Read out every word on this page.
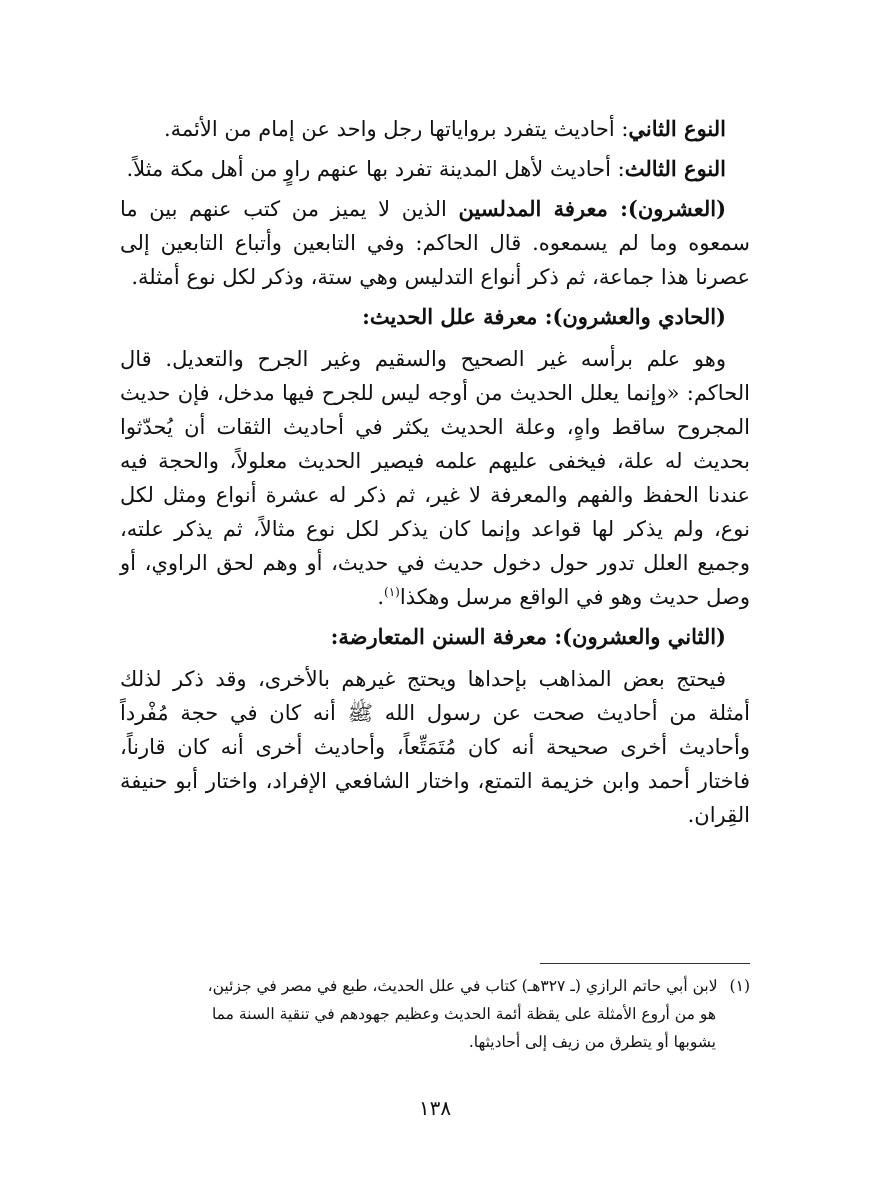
النوع الثاني: أحاديث يتفرد برواياتها رجل واحد عن إمام من الأئمة.

النوع الثالث: أحاديث لأهل المدينة تفرد بها عنهم راوٍ من أهل مكة مثلاً.

(العشرون): معرفة المدلسين الذين لا يميز من كتب عنهم بين ما سمعوه وما لم يسمعوه. قال الحاكم: وفي التابعين وأتباع التابعين إلى عصرنا هذا جماعة، ثم ذكر أنواع التدليس وهي ستة، وذكر لكل نوع أمثلة.

(الحادي والعشرون): معرفة علل الحديث:

وهو علم برأسه غير الصحيح والسقيم وغير الجرح والتعديل. قال الحاكم: «وإنما يعلل الحديث من أوجه ليس للجرح فيها مدخل، فإن حديث المجروح ساقط واهٍ، وعلة الحديث يكثر في أحاديث الثقات أن يُحدّثوا بحديث له علة، فيخفى عليهم علمه فيصير الحديث معلولاً، والحجة فيه عندنا الحفظ والفهم والمعرفة لا غير، ثم ذكر له عشرة أنواع ومثل لكل نوع، ولم يذكر لها قواعد وإنما كان يذكر لكل نوع مثالاً، ثم يذكر علته، وجميع العلل تدور حول دخول حديث في حديث، أو وهم لحق الراوي، أو وصل حديث وهو في الواقع مرسل وهكذا$^{(١)}$.

(الثاني والعشرون): معرفة السنن المتعارضة:

فيحتج بعض المذاهب بإحداها ويحتج غيرهم بالأخرى، وقد ذكر لذلك أمثلة من أحاديث صحت عن رسول الله ﷺ أنه كان في حجة مُفْرداً وأحاديث أخرى صحيحة أنه كان مُتَمَتِّعاً، وأحاديث أخرى أنه كان قارناً، فاختار أحمد وابن خزيمة التمتع، واختار الشافعي الإفراد، واختار أبو حنيفة القِران.

(١)لابن أبي حاتم الرازي (ـ ٣٢٧هـ) كتاب في علل الحديث، طبع في مصر في جزئين،

هو من أروع الأمثلة على يقظة أئمة الحديث وعظيم جهودهم في تنقية السنة مما

يشوبها أو يتطرق من زيف إلى أحاديثها.

١٣٨
